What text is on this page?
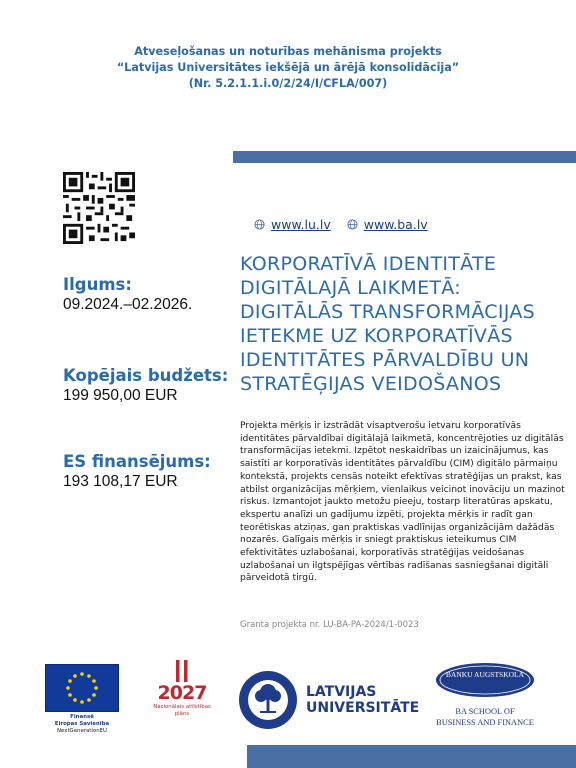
Atveseļošanas un noturības mehānisma projekts
“Latvijas Universitātes iekšējā un ārējā konsolidācija”
(Nr. 5.2.1.1.i.0/2/24/I/CFLA/007)
www.lu.lv	www.ba.lv
Ilgums:
09.2024.–02.2026.
Kopējais budžets:
199 950,00 EUR
ES finansējums:
193 108,17 EUR
KORPORATĪVĀ IDENTITĀTE
DIGITĀLAJĀ LAIKMETĀ:
DIGITĀLĀS TRANSFORMĀCIJAS
IETEKME UZ KORPORATĪVĀS
IDENTITĀTES PĀRVALDĪBU UN
STRATĒĢIJAS VEIDOŠANOS
Projekta mērķis ir izstrādāt visaptverošu ietvaru korporatīvās identitātes pārvaldībai digitālajā laikmetā, koncentrējoties uz digitālās transformācijas ietekmi. Izpētot neskaidrības un izaicinājumus, kas saistīti ar korporatīvās identitātes pārvaldību (CIM) digitālo pārmaiņu kontekstā, projekts censās noteikt efektīvas stratēģijas un prakst, kas atbilst organizācijas mērķiem, vienlaikus veicinot inovāciju un mazinot riskus. Izmantojot jaukto metožu pieeju, tostarp literatūras apskatu, ekspertu analīzi un gadījumu izpēti, projekta mērķis ir radīt gan teorētiskas atziņas, gan praktiskas vadlīnijas organizācijām dažādās nozarēs. Galīgais mērķis ir sniegt praktiskus ieteikumus CIM efektivitātes uzlabošanai, korporatīvās stratēģijas veidošanas uzlabošanai un ilgtspējīgas vērtības radīšanas sasniegšanai digitāli pārveidotā tirgū.
Granta projekta nr. LU-BA-PA-2024/1-0023
Finansē
Eiropas Savienība
NextGenerationEU
2027
Nacionālais attīstības plāns
LATVIJAS
UNIVERSITĀTE
BANKU AUGSTSKOLA
BA SCHOOL OF
BUSINESS AND FINANCE
